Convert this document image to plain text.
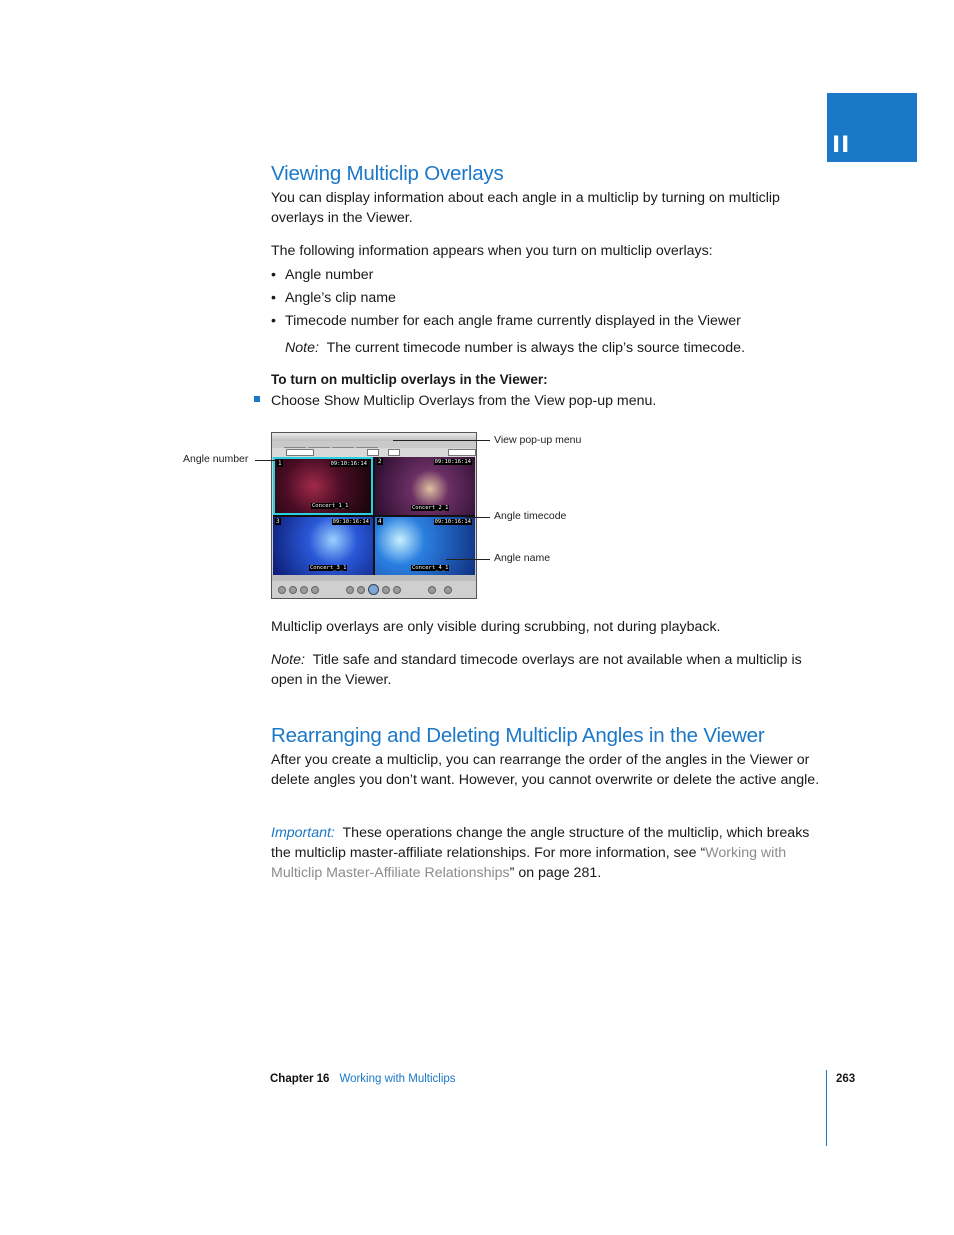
II
Viewing Multiclip Overlays

You can display information about each angle in a multiclip by turning on multiclip overlays in the Viewer.

The following information appears when you turn on multiclip overlays:

• Angle number
• Angle’s clip name
• Timecode number for each angle frame currently displayed in the Viewer
Note: The current timecode number is always the clip’s source timecode.
To turn on multiclip overlays in the Viewer:
Choose Show Multiclip Overlays from the View pop-up menu.
1	09:10:16:14
Concert_1_1
2	09:10:16:14
Concert_2_1
3	09:10:16:14
Concert_3_1
4	09:10:16:14
Concert_4_1
Angle number
View pop-up menu
Angle timecode
Angle name

Multiclip overlays are only visible during scrubbing, not during playback.

Note: Title safe and standard timecode overlays are not available when a multiclip is open in the Viewer.

Rearranging and Deleting Multiclip Angles in the Viewer

After you create a multiclip, you can rearrange the order of the angles in the Viewer or delete angles you don’t want. However, you cannot overwrite or delete the active angle.

Important: These operations change the angle structure of the multiclip, which breaks the multiclip master-affiliate relationships. For more information, see “Working with Multiclip Master-Affiliate Relationships” on page 281.

Chapter 16 Working with Multiclips	263
